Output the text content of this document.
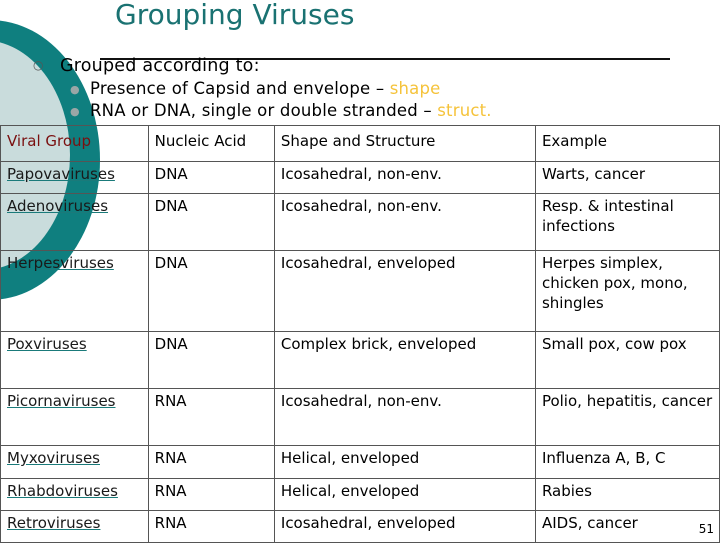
Grouping Viruses
○ Grouped according to:
● Presence of Capsid and envelope – shape
● RNA or DNA, single or double stranded – struct.
Viral Group	Nucleic Acid	Shape and Structure	Example
Papovaviruses	DNA	Icosahedral, non-env.	Warts, cancer
Adenoviruses	DNA	Icosahedral, non-env.	Resp. & intestinal infections
Herpesviruses	DNA	Icosahedral, enveloped	Herpes simplex, chicken pox, mono, shingles
Poxviruses	DNA	Complex brick, enveloped	Small pox, cow pox
Picornaviruses	RNA	Icosahedral, non-env.	Polio, hepatitis, cancer
Myxoviruses	RNA	Helical, enveloped	Influenza A, B, C
Rhabdoviruses	RNA	Helical, enveloped	Rabies
Retroviruses	RNA	Icosahedral, enveloped	AIDS, cancer	51
